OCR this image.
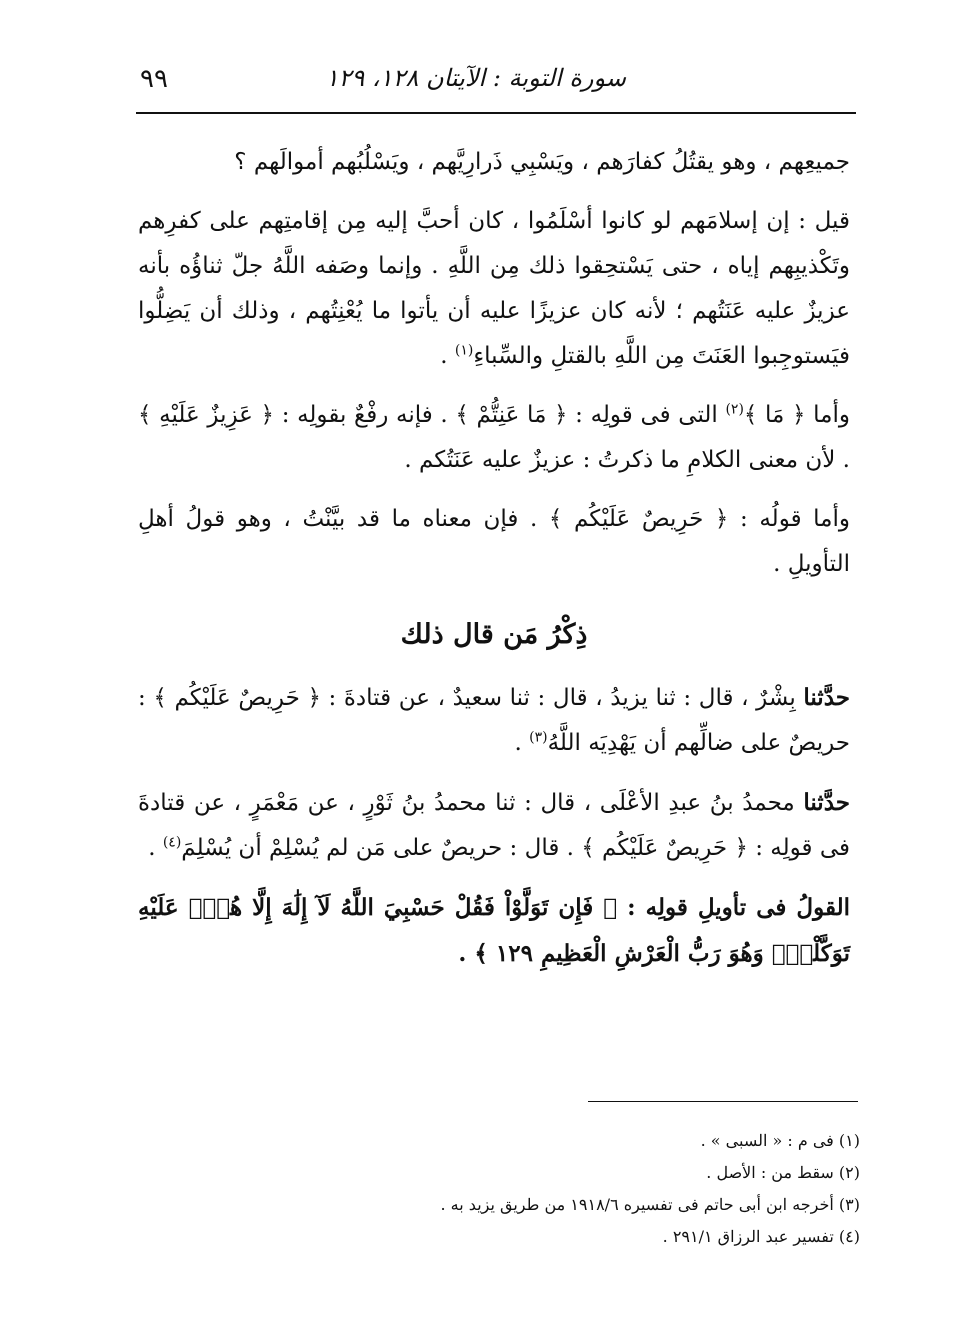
٩٩	سورة التوبة : الآيتان ١٢٨، ١٢٩

جميعِهم ، وهو يقتُلُ كفارَهم ، ويَسْبِي ذَرارِيَّهم ، ويَسْلُبُهم أموالَهم ؟

قيل : إن إسلامَهم لو كانوا أسْلَمُوا ، كان أحبَّ إليه مِن إقامتِهم على كفرِهم وتَكْذيبِهم إياه ، حتى يَسْتحِقوا ذلك مِن اللَّهِ . وإنما وصَفه اللَّهُ جلّ ثناؤُه بأنه عزيزٌ عليه عَنَتُهم ؛ لأنه كان عزيزًا عليه أن يأتوا ما يُعْنِتُهم ، وذلك أن يَضِلُّوا فيَستوجِبوا العَنَتَ مِن اللَّهِ بالقتلِ والسِّباءِ$^{(١)}$ .

وأما ﴿ مَا ﴾$^{(٢)}$ التى فى قولِه : ﴿ مَا عَنِتُّمْ ﴾ . فإنه رفْعٌ بقولِه : ﴿ عَزِيزٌ عَلَيْهِ ﴾ . لأن معنى الكلامِ ما ذكرتُ : عزيزٌ عليه عَنَتُكم .

وأما قولُه : ﴿ حَرِيصٌ عَلَيْكُم ﴾ . فإن معناه ما قد بيَّنْتُ ، وهو قولُ أهلِ التأويلِ .

ذِكْرُ مَن قال ذلك

حدَّثنا بِشْرٌ ، قال : ثنا يزيدُ ، قال : ثنا سعيدٌ ، عن قتادةَ : ﴿ حَرِيصٌ عَلَيْكُم ﴾ : حريصٌ على ضالِّهم أن يَهْدِيَه اللَّهُ$^{(٣)}$ .

حدَّثنا محمدُ بنُ عبدِ الأعْلَى ، قال : ثنا محمدُ بنُ ثَوْرٍ ، عن مَعْمَرٍ ، عن قتادةَ فى قولِه : ﴿ حَرِيصٌ عَلَيْكُم ﴾ . قال : حريصٌ على مَن لم يُسْلِمْ أن يُسْلِمَ$^{(٤)}$ .

القولُ فى تأويلِ قولِه : ﴿ فَإِن تَوَلَّوْاْ فَقُلْ حَسْبِيَ اللَّهُ لَآ إِلَٰهَ إِلَّا هُوَۖ عَلَيْهِ تَوَكَّلْتُۖ وَهُوَ رَبُّ الْعَرْشِ الْعَظِيمِ ١٢٩ ﴾ .

(١) فى م : « السبى » .

(٢) سقط من : الأصل .

(٣) أخرجه ابن أبى حاتم فى تفسيره ١٩١٨/٦ من طريق يزيد به .

(٤) تفسير عبد الرزاق ٢٩١/١ .
